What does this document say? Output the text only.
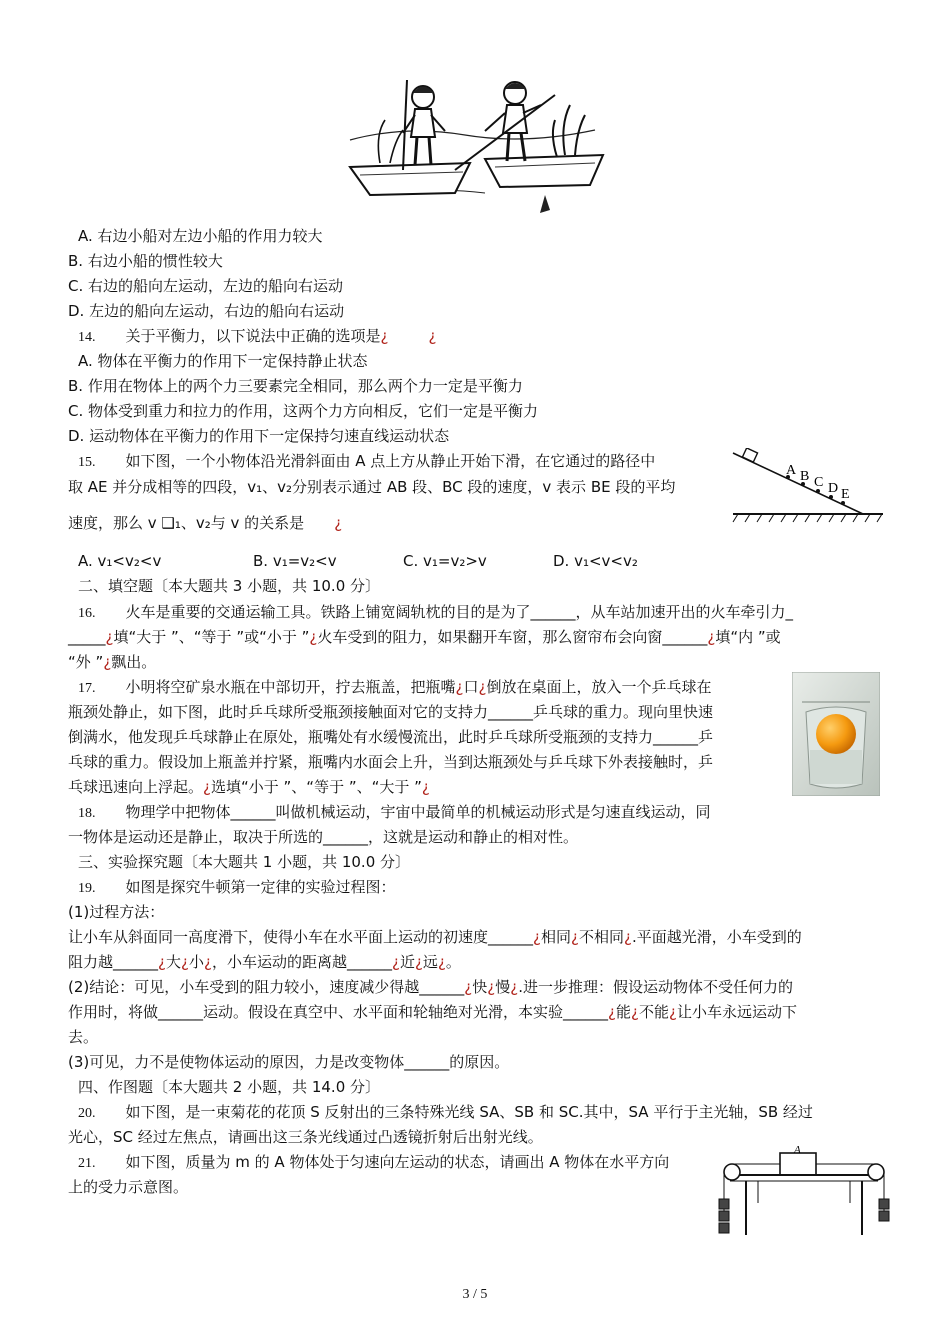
A. 右边小船对左边小船的作用力较大
B. 右边小船的惯性较大
C. 右边的船向左运动，左边的船向右运动
D. 左边的船向左运动，右边的船向右运动
14. 关于平衡力，以下说法中正确的选项是¿	¿
A. 物体在平衡力的作用下一定保持静止状态
B. 作用在物体上的两个力三要素完全相同，那么两个力一定是平衡力
C. 物体受到重力和拉力的作用，这两个力方向相反，它们一定是平衡力
D. 运动物体在平衡力的作用下一定保持匀速直线运动状态
15. 如下图，一个小物体沿光滑斜面由 A 点上方从静止开始下滑，在它通过的路径中
取 AE 并分成相等的四段，v₁、v₂分别表示通过 AB 段、BC 段的速度，v 表示 BE 段的平均
速度，那么 v ❑₁、v₂与 v 的关系是 ¿
A B C D E
A. v₁<v₂<v	B. v₁=v₂<v	C. v₁=v₂>v	D. v₁<v<v₂
二、填空题〔本大题共 3 小题，共 10.0 分〕
16. 火车是重要的交通运输工具。铁路上铺宽阔轨枕的目的是为了______，从车站加速开出的火车牵引力_
_____¿填“大于 ”、“等于 ”或“小于 ”¿火车受到的阻力，如果翻开车窗，那么窗帘布会向窗______¿填“内 ”或
“外 ”¿飘出。
17. 小明将空矿泉水瓶在中部切开，拧去瓶盖，把瓶嘴¿口¿倒放在桌面上，放入一个乒乓球在
瓶颈处静止，如下图，此时乒乓球所受瓶颈接触面对它的支持力______乒乓球的重力。现向里快速
倒满水，他发现乒乓球静止在原处，瓶嘴处有水缓慢流出，此时乒乓球所受瓶颈的支持力______乒
乓球的重力。假设加上瓶盖并拧紧，瓶嘴内水面会上升，当到达瓶颈处与乒乓球下外表接触时，乒
乓球迅速向上浮起。¿选填“小于 ”、“等于 ”、“大于 ”¿
18. 物理学中把物体______叫做机械运动，宇宙中最简单的机械运动形式是匀速直线运动，同
一物体是运动还是静止，取决于所选的______，这就是运动和静止的相对性。
三、实验探究题〔本大题共 1 小题，共 10.0 分〕
19. 如图是探究牛顿第一定律的实验过程图：
(1)过程方法：
让小车从斜面同一高度滑下，使得小车在水平面上运动的初速度______¿相同¿不相同¿.平面越光滑，小车受到的
阻力越______¿大¿小¿，小车运动的距离越______¿近¿远¿。
(2)结论：可见，小车受到的阻力较小，速度减少得越______¿快¿慢¿.进一步推理：假设运动物体不受任何力的
作用时，将做______运动。假设在真空中、水平面和轮轴绝对光滑，本实验______¿能¿不能¿让小车永远运动下
去。
(3)可见，力不是使物体运动的原因，力是改变物体______的原因。
四、作图题〔本大题共 2 小题，共 14.0 分〕
20. 如下图，是一束菊花的花顶 S 反射出的三条特殊光线 SA、SB 和 SC.其中，SA 平行于主光轴，SB 经过
光心，SC 经过左焦点，请画出这三条光线通过凸透镜折射后出射光线。
21. 如下图，质量为 m 的 A 物体处于匀速向左运动的状态，请画出 A 物体在水平方向
上的受力示意图。
A
3 / 5
